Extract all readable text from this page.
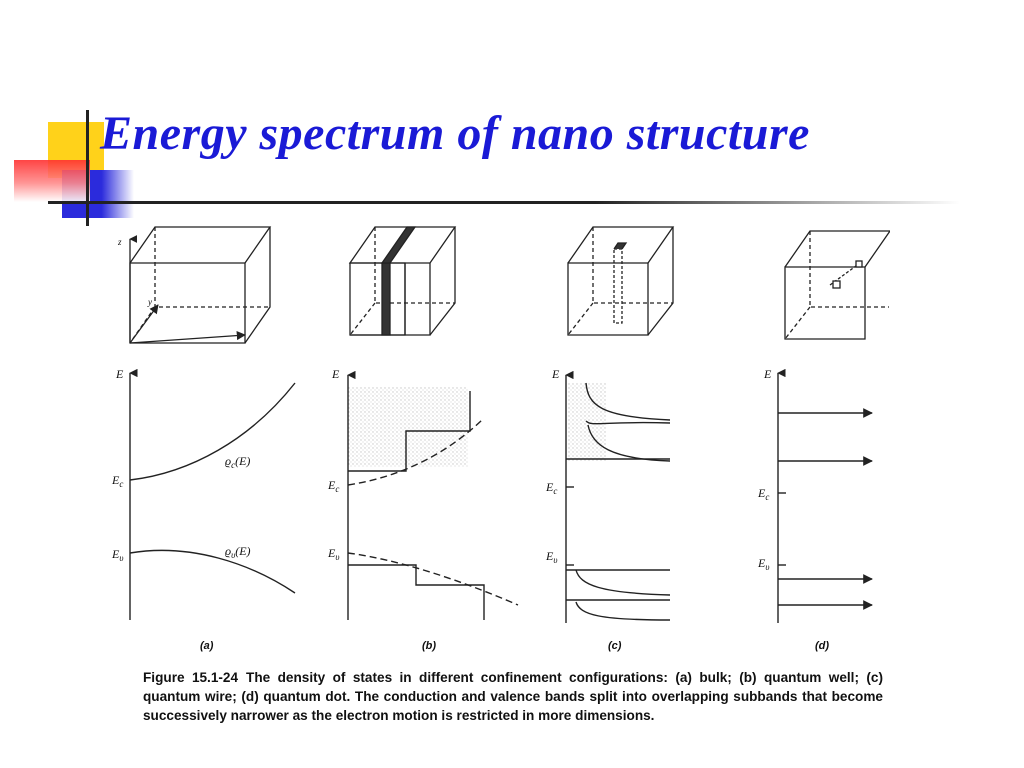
Energy spectrum of nano structure
z
y
E
$E_c$
$E_\upsilon$
$ϱ_c(E)$
$ϱ_\upsilon(E)$
E
$E_c$
$E_\upsilon$
E
$E_c$
$E_\upsilon$
E
$E_c$
$E_\upsilon$
(a)	(b)	(c)	(d)
Figure 15.1-24 The density of states in different confinement configurations: (a) bulk; (b) quantum well; (c) quantum wire; (d) quantum dot. The conduction and valence bands split into overlapping subbands that become successively narrower as the electron motion is restricted in more dimensions.
